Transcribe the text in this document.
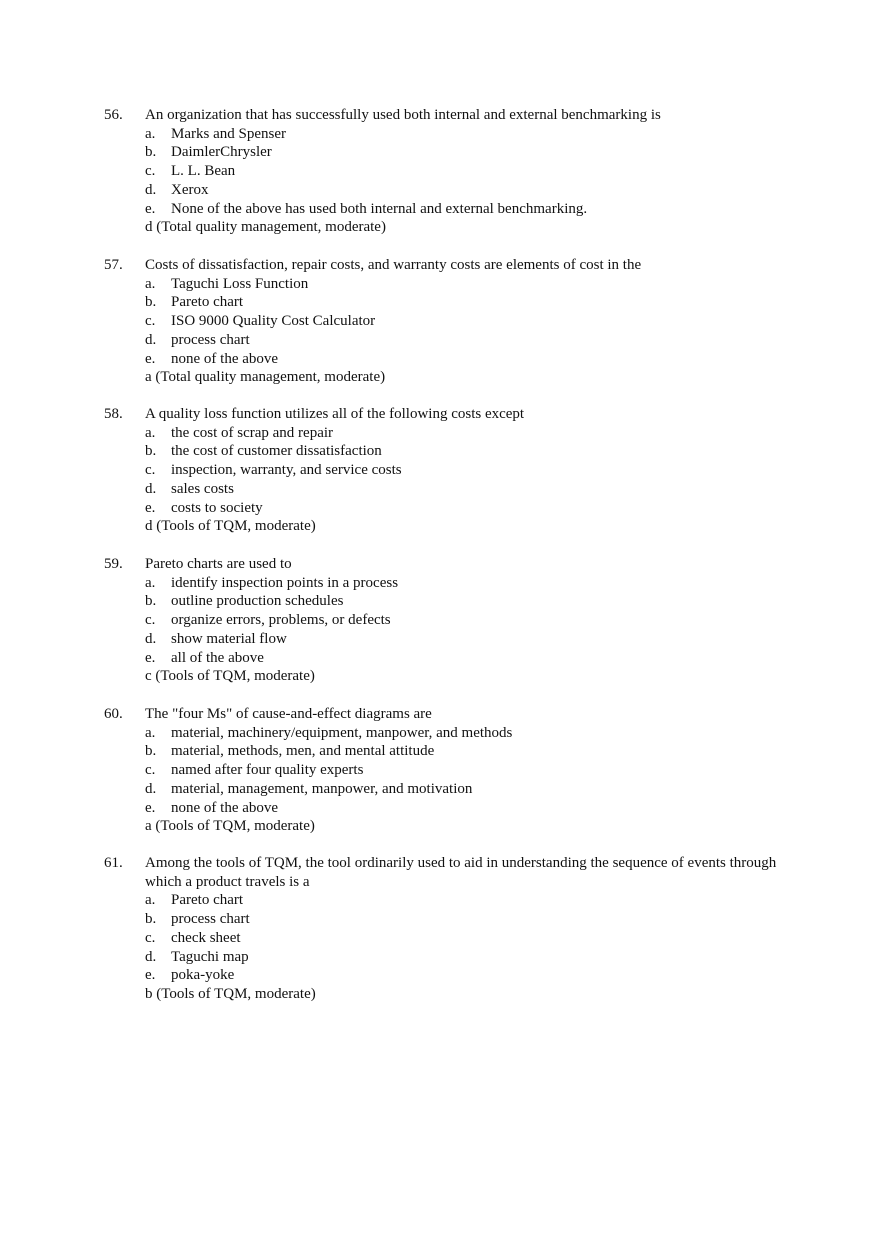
56.	An organization that has successfully used both internal and external benchmarking is
a.	Marks and Spenser
b. DaimlerChrysler
c.	L. L. Bean
d. Xerox
e.	None of the above has used both internal and external benchmarking.
d (Total quality management, moderate)
57.	Costs of dissatisfaction, repair costs, and warranty costs are elements of cost in the
a.	Taguchi Loss Function
b. Pareto chart
c.	ISO 9000 Quality Cost Calculator
d. process chart
e.	none of the above
a (Total quality management, moderate)
58.	A quality loss function utilizes all of the following costs except
a.	the cost of scrap and repair
b. the cost of customer dissatisfaction
c.	inspection, warranty, and service costs
d. sales costs
e.	costs to society
d (Tools of TQM, moderate)
59.	Pareto charts are used to
a.	identify inspection points in a process
b. outline production schedules
c.	organize errors, problems, or defects
d. show material flow
e.	all of the above
c (Tools of TQM, moderate)
60.	The "four Ms" of cause-and-effect diagrams are
a.	material, machinery/equipment, manpower, and methods
b. material, methods, men, and mental attitude
c.	named after four quality experts
d. material, management, manpower, and motivation
e.	none of the above
a (Tools of TQM, moderate)
61.	Among the tools of TQM, the tool ordinarily used to aid in understanding the sequence of events through which a product travels is a
a.	Pareto chart
b. process chart
c.	check sheet
d. Taguchi map
e.	poka-yoke
b (Tools of TQM, moderate)
